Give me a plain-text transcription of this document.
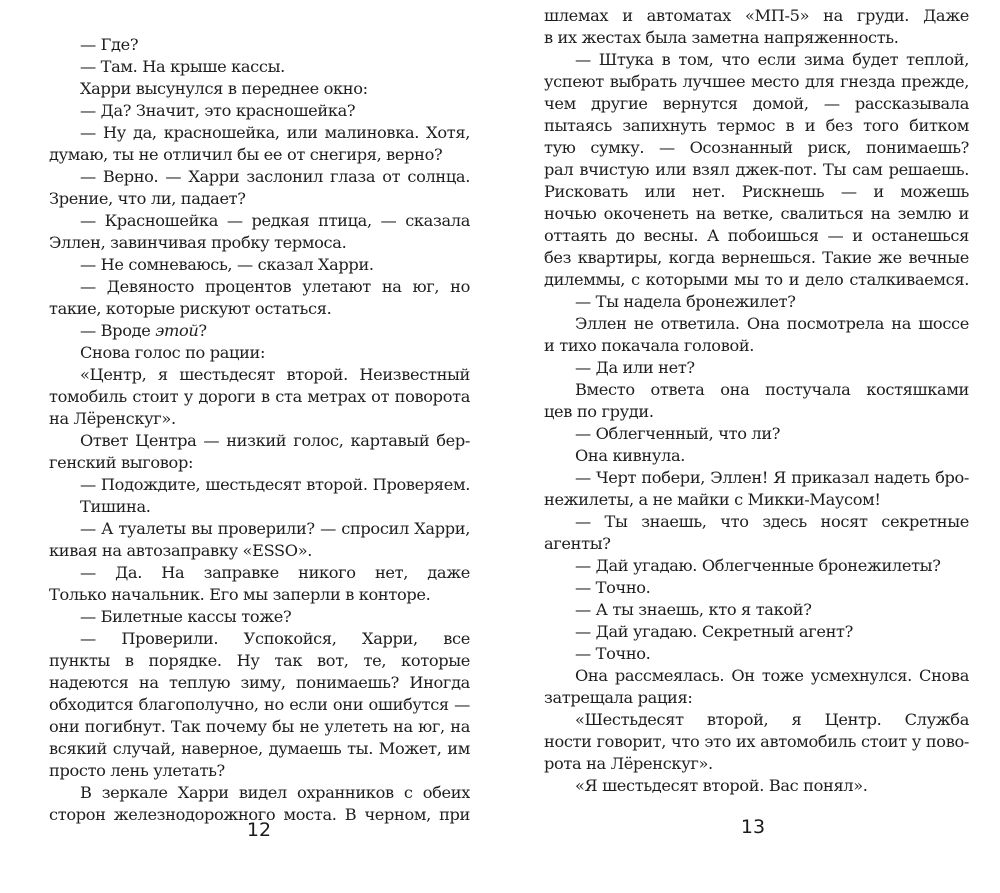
— Где?
— Там. На крыше кассы.
Харри высунулся в переднее окно:
— Да? Значит, это красношейка?
— Ну да, красношейка, или малиновка. Хотя,
думаю, ты не отличил бы ее от снегиря, верно?
— Верно. — Харри заслонил глаза от солнца.
Зрение, что ли, падает?
— Красношейка — редкая птица, — сказала
Эллен, завинчивая пробку термоса.
— Не сомневаюсь, — сказал Харри.
— Девяносто процентов улетают на юг, но
такие, которые рискуют остаться.
— Вроде этой?
Снова голос по рации:
«Центр, я шестьдесят второй. Неизвестный
томобиль стоит у дороги в ста метрах от поворота
на Лёренскуг».
Ответ Центра — низкий голос, картавый бер-
генский выговор:
— Подождите, шестьдесят второй. Проверяем.
Тишина.
— А туалеты вы проверили? — спросил Харри,
кивая на автозаправку «ESSO».
— Да. На заправке никого нет, даже
Только начальник. Его мы заперли в конторе.
— Билетные кассы тоже?
— Проверили. Успокойся, Харри, все
пункты в порядке. Ну так вот, те, которые
надеются на теплую зиму, понимаешь? Иногда
обходится благополучно, но если они ошибутся —
они погибнут. Так почему бы не улететь на юг, на
всякий случай, наверное, думаешь ты. Может, им
просто лень улетать?
В зеркале Харри видел охранников с обеих
сторон железнодорожного моста. В черном, при
12
шлемах и автоматах «МП-5» на груди. Даже
в их жестах была заметна напряженность.
— Штука в том, что если зима будет теплой,
успеют выбрать лучшее место для гнезда прежде,
чем другие вернутся домой, — рассказывала
пытаясь запихнуть термос в и без того битком
тую сумку. — Осознанный риск, понимаешь?
рал вчистую или взял джек-пот. Ты сам решаешь.
Рисковать или нет. Рискнешь — и можешь
ночью окоченеть на ветке, свалиться на землю и
оттаять до весны. А побоишься — и останешься
без квартиры, когда вернешься. Такие же вечные
дилеммы, с которыми мы то и дело сталкиваемся.
— Ты надела бронежилет?
Эллен не ответила. Она посмотрела на шоссе
и тихо покачала головой.
— Да или нет?
Вместо ответа она постучала костяшками
цев по груди.
— Облегченный, что ли?
Она кивнула.
— Черт побери, Эллен! Я приказал надеть бро-
нежилеты, а не майки с Микки-Маусом!
— Ты знаешь, что здесь носят секретные
агенты?
— Дай угадаю. Облегченные бронежилеты?
— Точно.
— А ты знаешь, кто я такой?
— Дай угадаю. Секретный агент?
— Точно.
Она рассмеялась. Он тоже усмехнулся. Снова
затрещала рация:
«Шестьдесят второй, я Центр. Служба
ности говорит, что это их автомобиль стоит у пово-
рота на Лёренскуг».
«Я шестьдесят второй. Вас понял».
13
